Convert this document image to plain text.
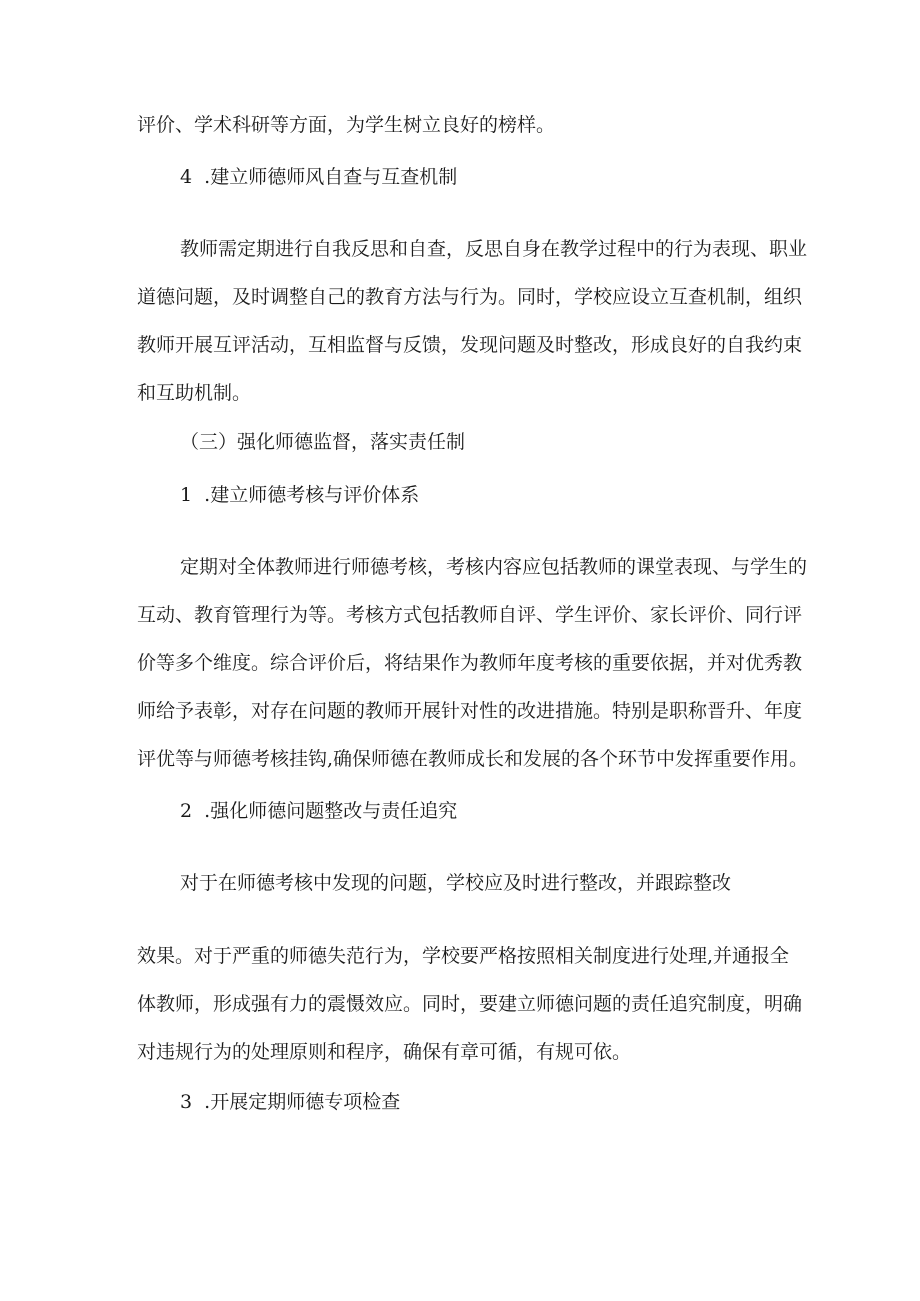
评价、学术科研等方面，为学生树立良好的榜样。

4  .建立师德师风自查与互查机制

教师需定期进行自我反思和自查，反思自身在教学过程中的行为表现、职业
道德问题，及时调整自己的教育方法与行为。同时，学校应设立互查机制，组织
教师开展互评活动，互相监督与反馈，发现问题及时整改，形成良好的自我约束
和互助机制。

（三）强化师德监督，落实责任制

1  .建立师德考核与评价体系

定期对全体教师进行师德考核，考核内容应包括教师的课堂表现、与学生的
互动、教育管理行为等。考核方式包括教师自评、学生评价、家长评价、同行评
价等多个维度。综合评价后，将结果作为教师年度考核的重要依据，并对优秀教
师给予表彰，对存在问题的教师开展针对性的改进措施。特别是职称晋升、年度
评优等与师德考核挂钩,确保师德在教师成长和发展的各个环节中发挥重要作用。

2  .强化师德问题整改与责任追究

对于在师德考核中发现的问题，学校应及时进行整改，并跟踪整改

效果。对于严重的师德失范行为，学校要严格按照相关制度进行处理,并通报全
体教师，形成强有力的震慑效应。同时，要建立师德问题的责任追究制度，明确
对违规行为的处理原则和程序，确保有章可循，有规可依。

3  .开展定期师德专项检查
